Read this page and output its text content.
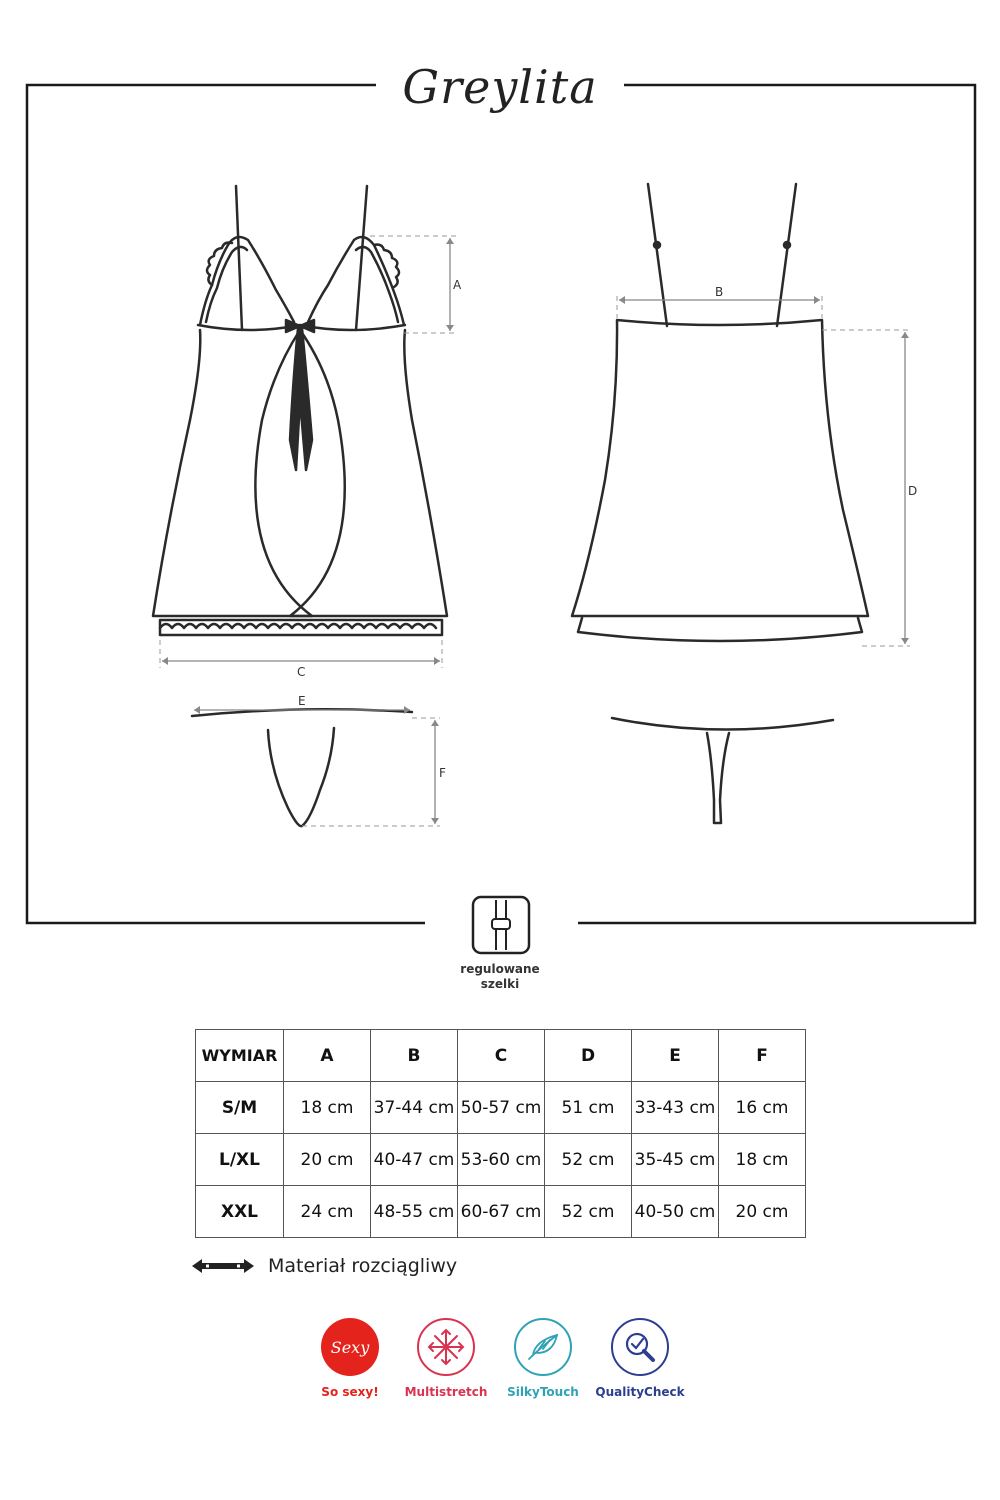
Greylita
A
C
B
D
E
F
regulowane
szelki
WYMIAR	A	B	C	D	E	F
S/M	18 cm	37-44 cm	50-57 cm	51 cm	33-43 cm	16 cm
L/XL	20 cm	40-47 cm	53-60 cm	52 cm	35-45 cm	18 cm
XXL	24 cm	48-55 cm	60-67 cm	52 cm	40-50 cm	20 cm
Materiał rozciągliwy
Sexy
So sexy!	Multistretch	SilkyTouch	QualityCheck
